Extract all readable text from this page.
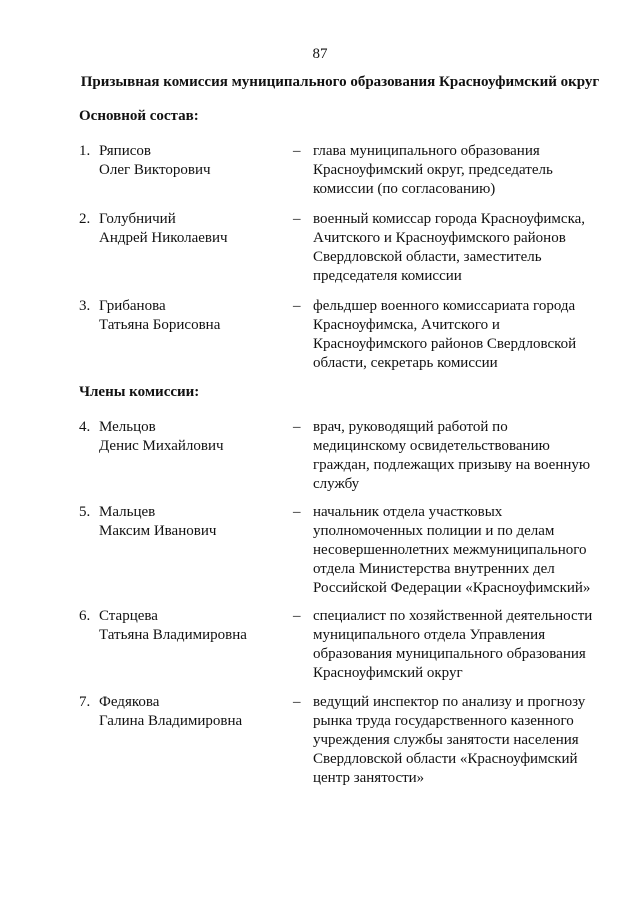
87
Призывная комиссия муниципального образования Красноуфимский округ
Основной состав:
1. Ряписов
Олег Викторович
– глава муниципального образования
Красноуфимский округ, председатель
комиссии (по согласованию)
2. Голубничий
Андрей Николаевич
– военный комиссар города Красноуфимска,
Ачитского и Красноуфимского районов
Свердловской области, заместитель
председателя комиссии
3. Грибанова
Татьяна Борисовна
– фельдшер военного комиссариата города
Красноуфимска, Ачитского и
Красноуфимского районов Свердловской
области, секретарь комиссии
Члены комиссии:
4. Мельцов
Денис Михайлович
– врач, руководящий работой по
медицинскому освидетельствованию
граждан, подлежащих призыву на военную
службу
5. Мальцев
Максим Иванович
– начальник отдела участковых
уполномоченных полиции и по делам
несовершеннолетних межмуниципального
отдела Министерства внутренних дел
Российской Федерации «Красноуфимский»
6. Старцева
Татьяна Владимировна
– специалист по хозяйственной деятельности
муниципального отдела Управления
образования муниципального образования
Красноуфимский округ
7. Федякова
Галина Владимировна
– ведущий инспектор по анализу и прогнозу
рынка труда государственного казенного
учреждения службы занятости населения
Свердловской области «Красноуфимский
центр занятости»
